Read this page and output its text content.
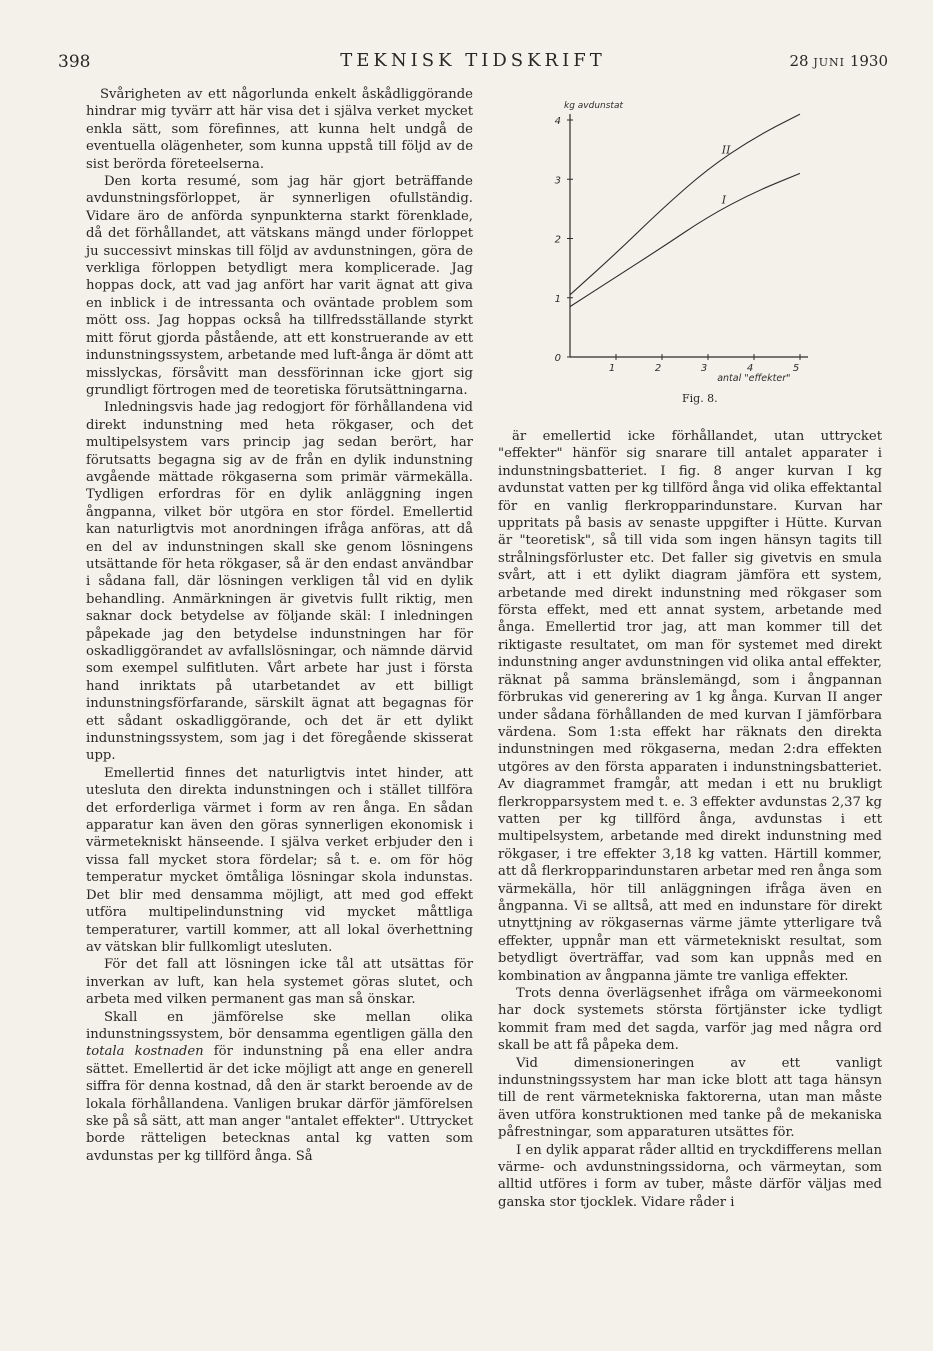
398	TEKNISK TIDSKRIFT	28 JUNI 1930

Svårigheten av ett någorlunda enkelt åskådliggörande hindrar mig tyvärr att här visa det i själva verket mycket enkla sätt, som förefinnes, att kunna helt undgå de eventuella olägenheter, som kunna uppstå till följd av de sist berörda företeelserna.

Den korta resumé, som jag här gjort beträffande avdunstningsförloppet, är synnerligen ofullständig. Vidare äro de anförda synpunkterna starkt förenklade, då det förhållandet, att vätskans mängd under förloppet ju successivt minskas till följd av avdunstningen, göra de verkliga förloppen betydligt mera komplicerade. Jag hoppas dock, att vad jag anfört har varit ägnat att giva en inblick i de intressanta och oväntade problem som mött oss. Jag hoppas också ha tillfredsställande styrkt mitt förut gjorda påstående, att ett konstruerande av ett indunstningssystem, arbetande med luft-ånga är dömt att misslyckas, försåvitt man dessförinnan icke gjort sig grundligt förtrogen med de teoretiska förutsättningarna.

Inledningsvis hade jag redogjort för förhållandena vid direkt indunstning med heta rökgaser, och det multipelsystem vars princip jag sedan berört, har förutsatts begagna sig av de från en dylik indunstning avgående mättade rökgaserna som primär värmekälla. Tydligen erfordras för en dylik anläggning ingen ångpanna, vilket bör utgöra en stor fördel. Emellertid kan naturligtvis mot anordningen ifråga anföras, att då en del av indunstningen skall ske genom lösningens utsättande för heta rökgaser, så är den endast användbar i sådana fall, där lösningen verkligen tål vid en dylik behandling. Anmärkningen är givetvis fullt riktig, men saknar dock betydelse av följande skäl: I inledningen påpekade jag den betydelse indunstningen har för oskadliggörandet av avfallslösningar, och nämnde därvid som exempel sulfitluten. Vårt arbete har just i första hand inriktats på utarbetandet av ett billigt indunstningsförfarande, särskilt ägnat att begagnas för ett sådant oskadliggörande, och det är ett dylikt indunstningssystem, som jag i det föregående skisserat upp.

Emellertid finnes det naturligtvis intet hinder, att utesluta den direkta indunstningen och i stället tillföra det erforderliga värmet i form av ren ånga. En sådan apparatur kan även den göras synnerligen ekonomisk i värmetekniskt hänseende. I själva verket erbjuder den i vissa fall mycket stora fördelar; så t. e. om för hög temperatur mycket ömtåliga lösningar skola indunstas. Det blir med densamma möjligt, att med god effekt utföra multipelindunstning vid mycket måttliga temperaturer, vartill kommer, att all lokal överhettning av vätskan blir fullkomligt utesluten.

För det fall att lösningen icke tål att utsättas för inverkan av luft, kan hela systemet göras slutet, och arbeta med vilken permanent gas man så önskar.

Skall en jämförelse ske mellan olika indunstningssystem, bör densamma egentligen gälla den totala kostnaden för indunstning på ena eller andra sättet. Emellertid är det icke möjligt att ange en generell siffra för denna kostnad, då den är starkt beroende av de lokala förhållandena. Vanligen brukar därför jämförelsen ske på så sätt, att man anger "antalet effekter". Uttrycket borde rätteligen betecknas antal kg vatten som avdunstas per kg tillförd ånga. Så

0
1
2
3
4
1	2	3	4	5
I
II
kg avdunstat
antal "effekter"
Fig. 8.

är emellertid icke förhållandet, utan uttrycket "effekter" hänför sig snarare till antalet apparater i indunstningsbatteriet. I fig. 8 anger kurvan I kg avdunstat vatten per kg tillförd ånga vid olika effektantal för en vanlig flerkropparindunstare. Kurvan har uppritats på basis av senaste uppgifter i Hütte. Kurvan är "teoretisk", så till vida som ingen hänsyn tagits till strålningsförluster etc. Det faller sig givetvis en smula svårt, att i ett dylikt diagram jämföra ett system, arbetande med direkt indunstning med rökgaser som första effekt, med ett annat system, arbetande med ånga. Emellertid tror jag, att man kommer till det riktigaste resultatet, om man för systemet med direkt indunstning anger avdunstningen vid olika antal effekter, räknat på samma bränslemängd, som i ångpannan förbrukas vid generering av 1 kg ånga. Kurvan II anger under sådana förhållanden de med kurvan I jämförbara värdena. Som 1:sta effekt har räknats den direkta indunstningen med rökgaserna, medan 2:dra effekten utgöres av den första apparaten i indunstningsbatteriet. Av diagrammet framgår, att medan i ett nu brukligt flerkropparsystem med t. e. 3 effekter avdunstas 2,37 kg vatten per kg tillförd ånga, avdunstas i ett multipelsystem, arbetande med direkt indunstning med rökgaser, i tre effekter 3,18 kg vatten. Härtill kommer, att då flerkropparindunstaren arbetar med ren ånga som värmekälla, hör till anläggningen ifråga även en ångpanna. Vi se alltså, att med en indunstare för direkt utnyttjning av rökgasernas värme jämte ytterligare två effekter, uppnår man ett värmetekniskt resultat, som betydligt överträffar, vad som kan uppnås med en kombination av ångpanna jämte tre vanliga effekter.

Trots denna överlägsenhet ifråga om värmeekonomi har dock systemets största förtjänster icke tydligt kommit fram med det sagda, varför jag med några ord skall be att få påpeka dem.

Vid dimensioneringen av ett vanligt indunstningssystem har man icke blott att taga hänsyn till de rent värmetekniska faktorerna, utan man måste även utföra konstruktionen med tanke på de mekaniska påfrestningar, som apparaturen utsättes för.

I en dylik apparat råder alltid en tryckdifferens mellan värme- och avdunstningssidorna, och värmeytan, som alltid utföres i form av tuber, måste därför väljas med ganska stor tjocklek. Vidare råder i
